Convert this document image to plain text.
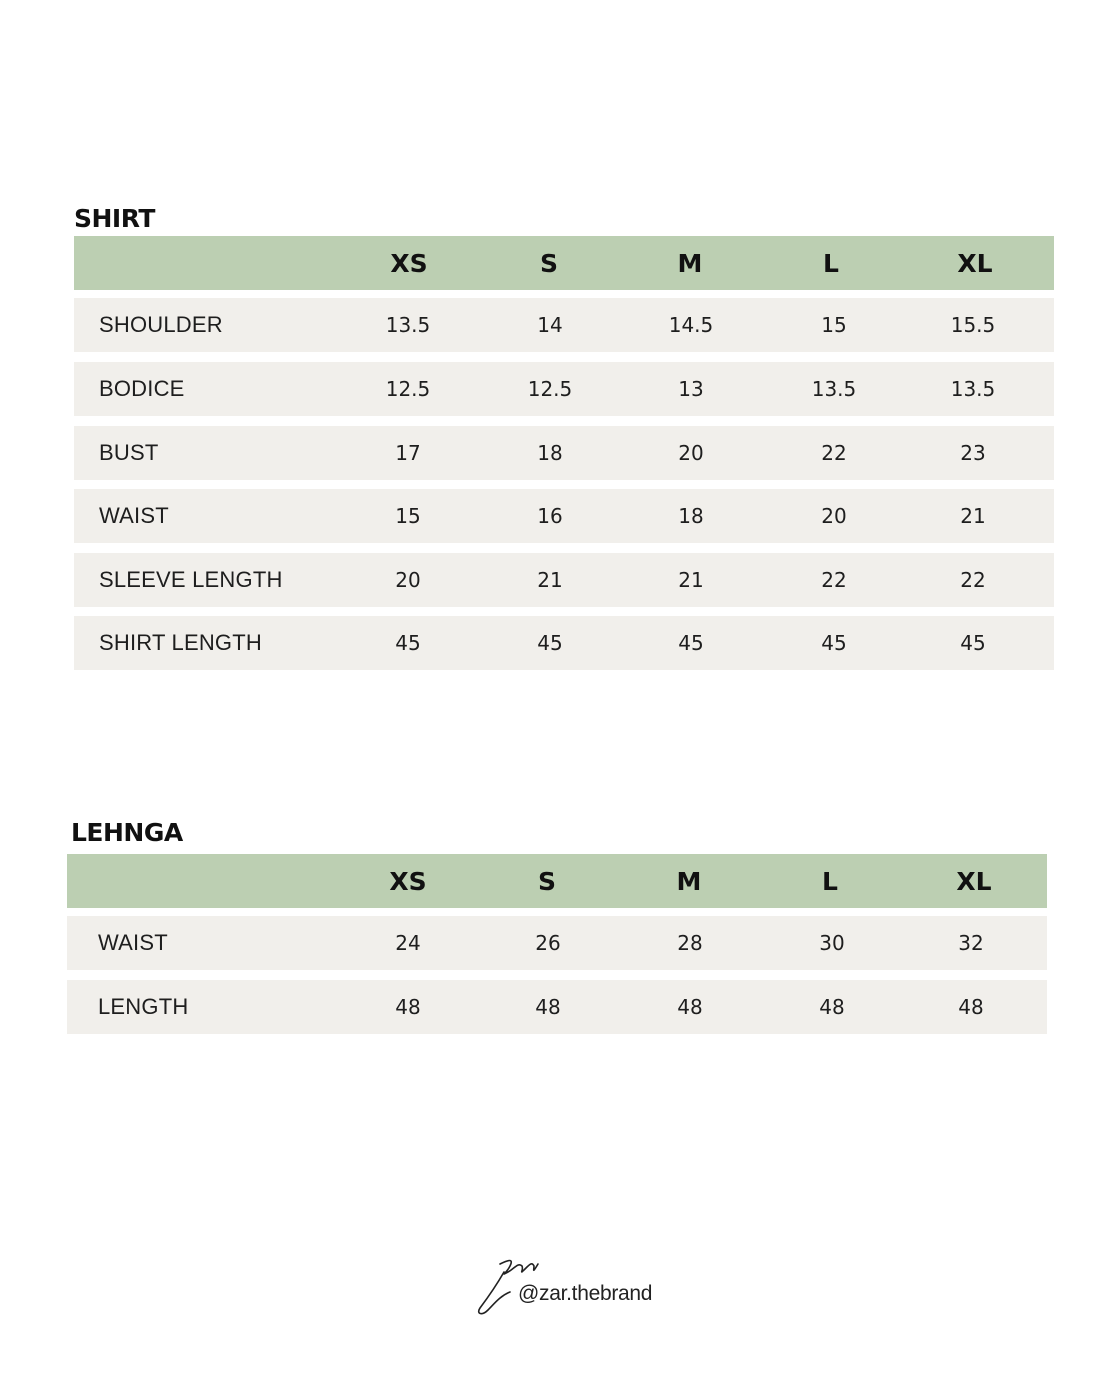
SHIRT
XS	S	M	L	XL
SHOULDER	13.5	14	14.5	15	15.5
BODICE	12.5	12.5	13	13.5	13.5
BUST	17	18	20	22	23
WAIST	15	16	18	20	21
SLEEVE LENGTH	20	21	21	22	22
SHIRT LENGTH	45	45	45	45	45
LEHNGA
XS	S	M	L	XL
WAIST	24	26	28	30	32
LENGTH	48	48	48	48	48
@zar.thebrand
